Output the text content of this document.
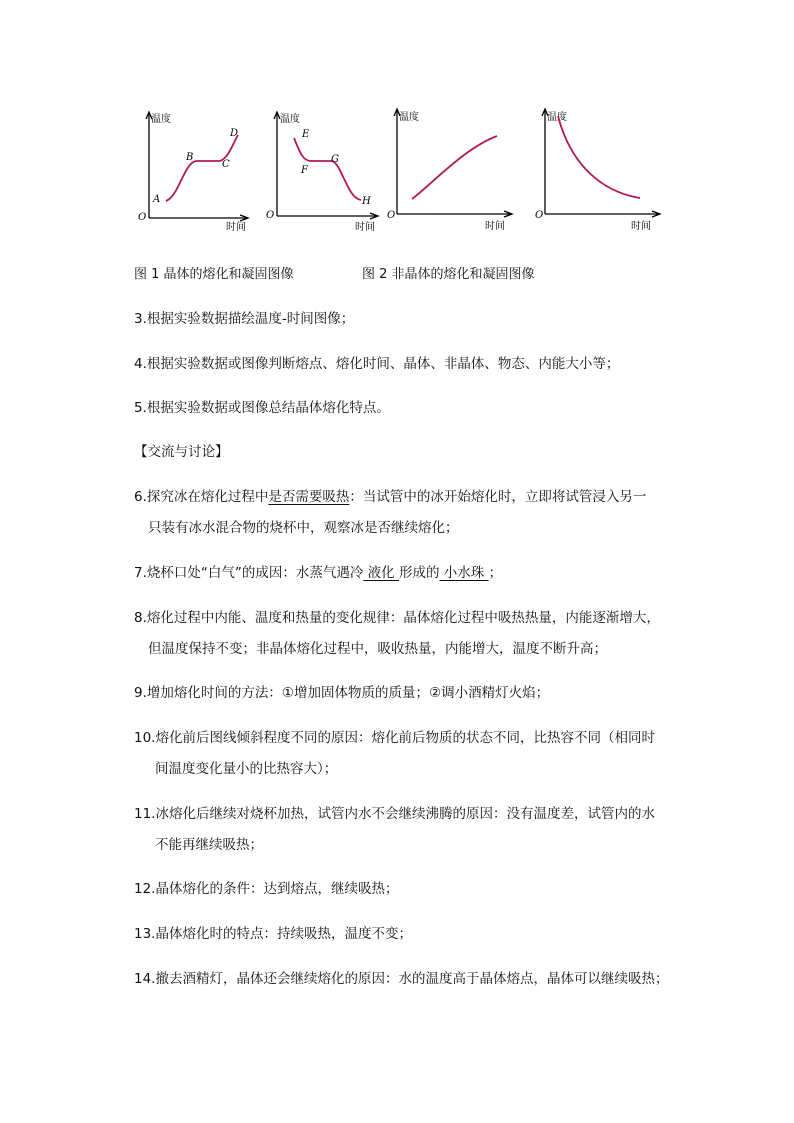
温度
时间
O
A
B
C
D
温度
时间
O
E
F
G
H
温度
时间
O
温度
时间
O
图 1 晶体的熔化和凝固图像	图 2 非晶体的熔化和凝固图像
3.根据实验数据描绘温度-时间图像；
4.根据实验数据或图像判断熔点、熔化时间、晶体、非晶体、物态、内能大小等；
5.根据实验数据或图像总结晶体熔化特点。
【交流与讨论】
6.探究冰在熔化过程中是否需要吸热：当试管中的冰开始熔化时，立即将试管浸入另一
只装有冰水混合物的烧杯中，观察冰是否继续熔化；
7.烧杯口处“白气”的成因：水蒸气遇冷 液化 形成的 小水珠 ；
8.熔化过程中内能、温度和热量的变化规律：晶体熔化过程中吸热热量，内能逐渐增大，
但温度保持不变；非晶体熔化过程中，吸收热量，内能增大，温度不断升高；
9.增加熔化时间的方法：①增加固体物质的质量；②调小酒精灯火焰；
10.熔化前后图线倾斜程度不同的原因：熔化前后物质的状态不同，比热容不同（相同时
间温度变化量小的比热容大）；
11.冰熔化后继续对烧杯加热，试管内水不会继续沸腾的原因：没有温度差，试管内的水
不能再继续吸热；
12.晶体熔化的条件：达到熔点，继续吸热；
13.晶体熔化时的特点：持续吸热，温度不变；
14.撤去酒精灯，晶体还会继续熔化的原因：水的温度高于晶体熔点，晶体可以继续吸热；
